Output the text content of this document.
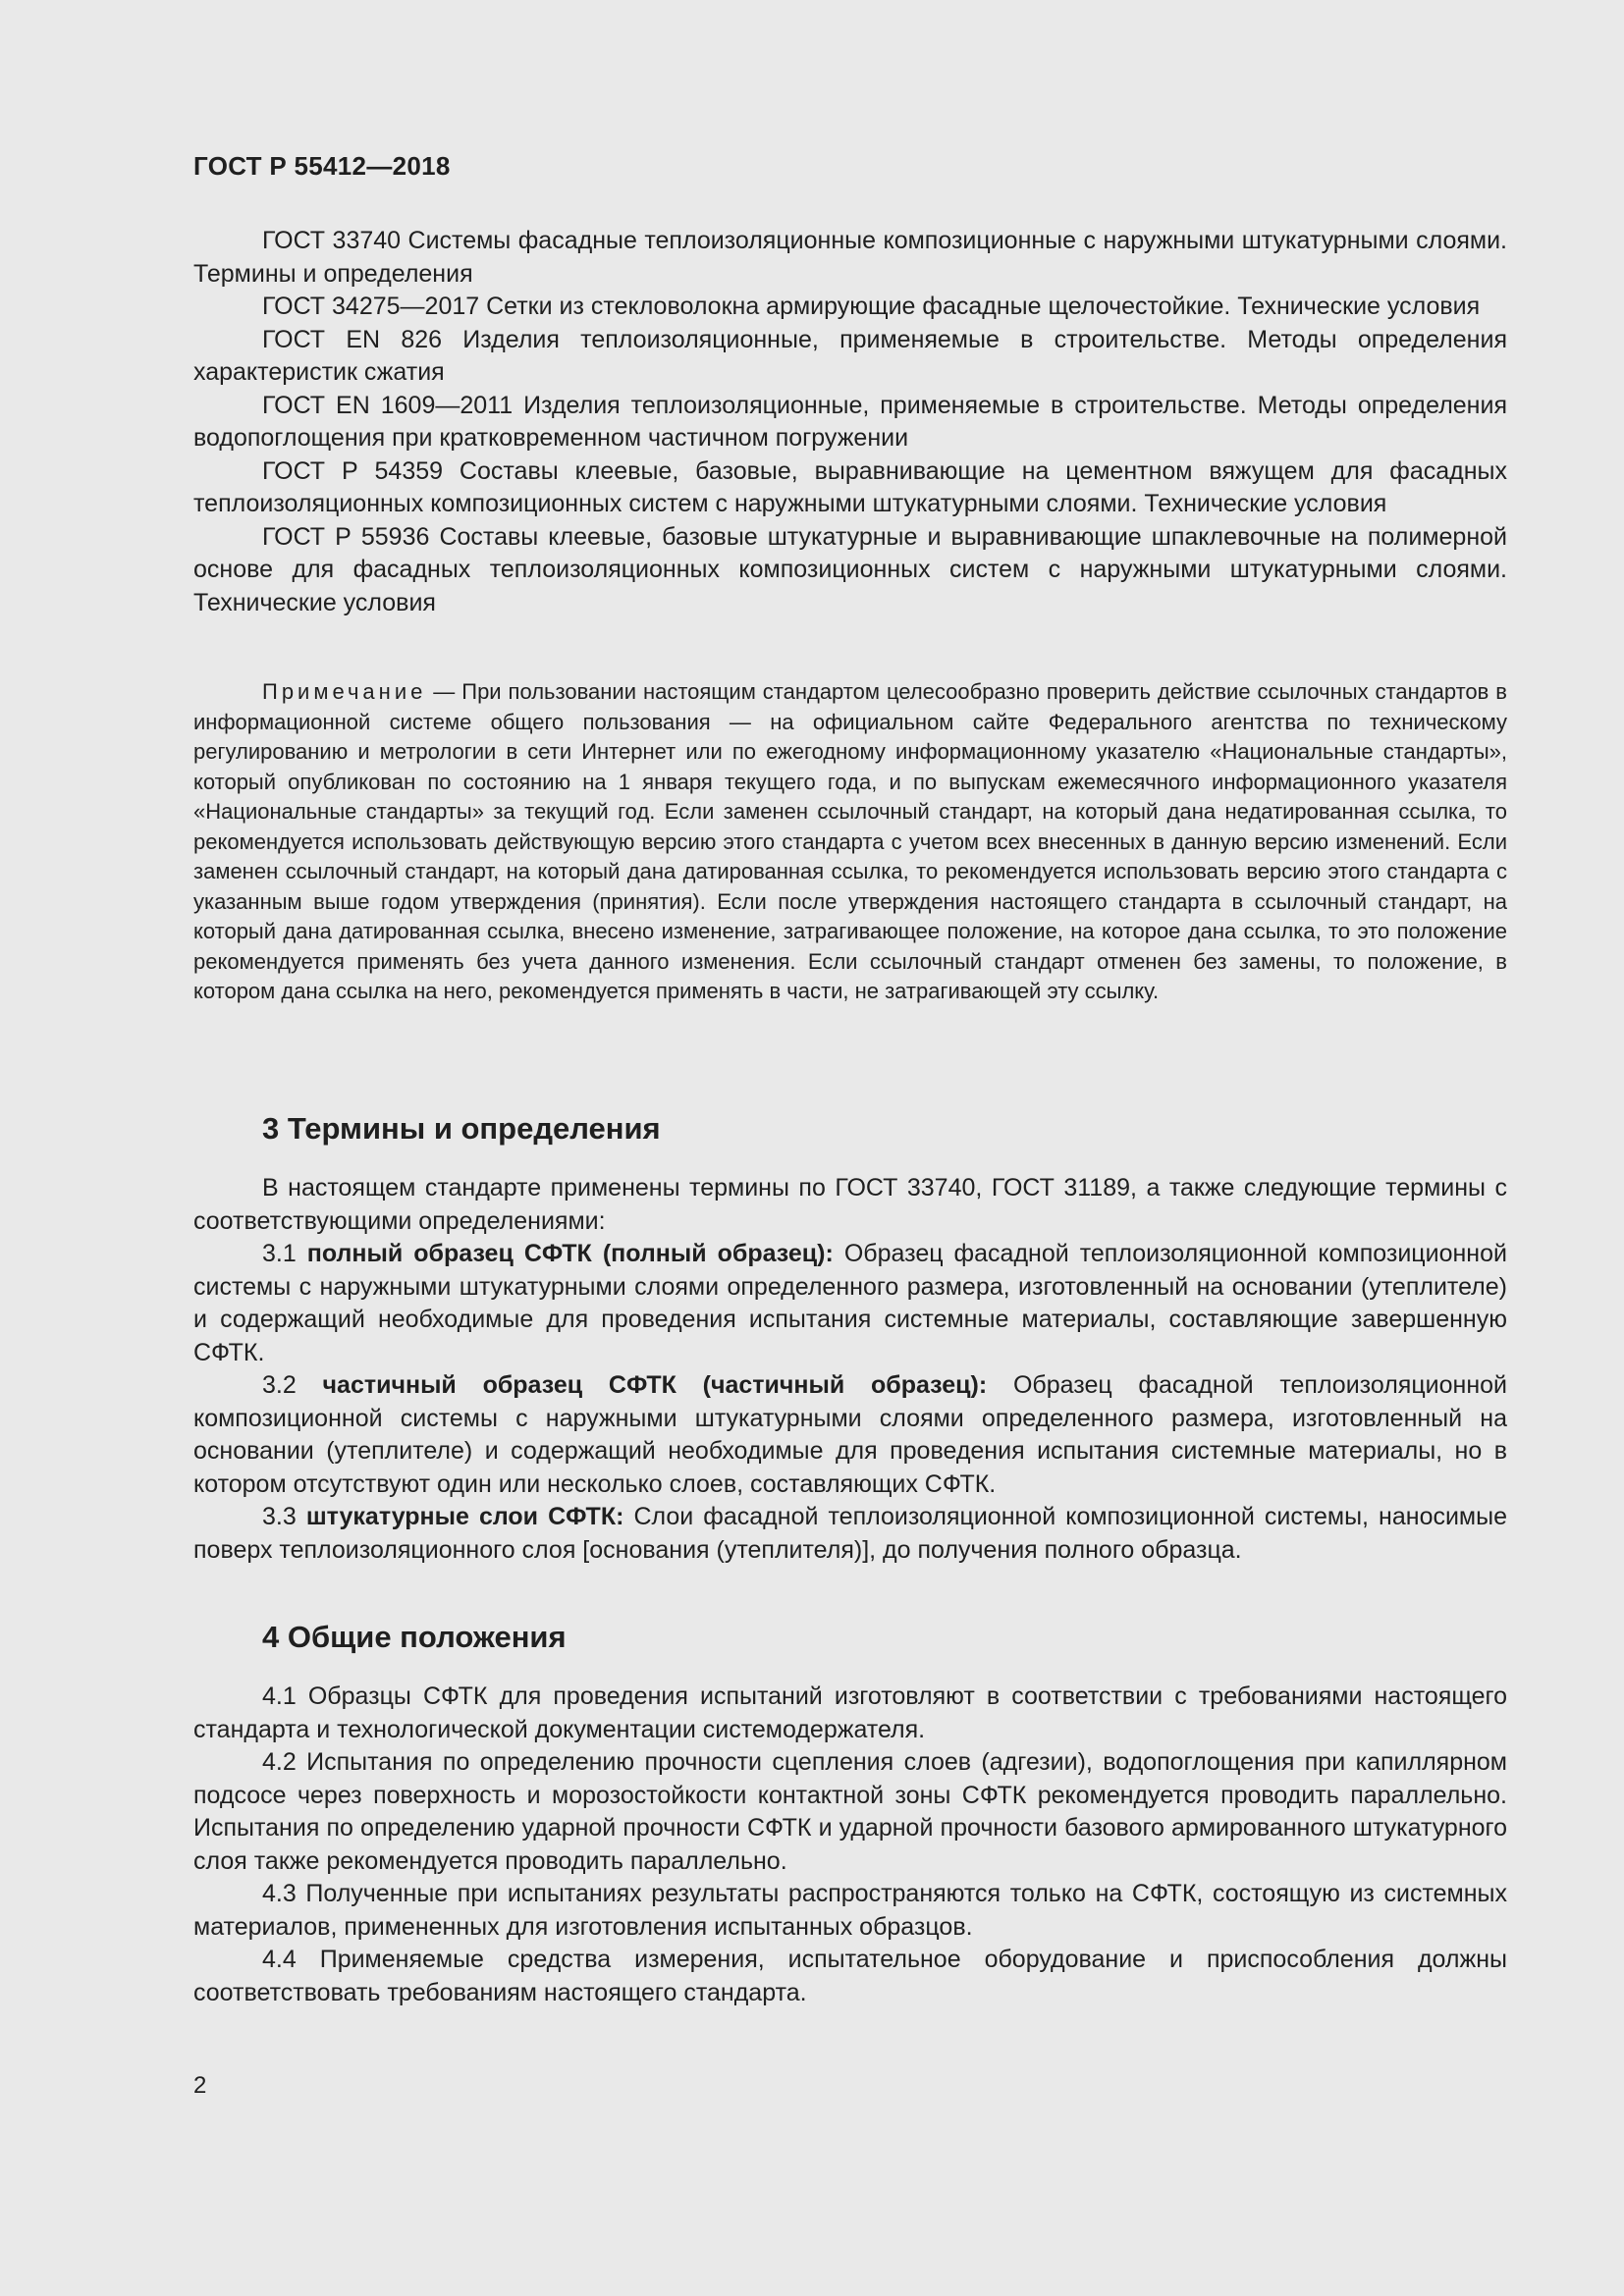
ГОСТ Р 55412—2018

ГОСТ 33740 Системы фасадные теплоизоляционные композиционные с наружными штукатурными слоями. Термины и определения

ГОСТ 34275—2017 Сетки из стекловолокна армирующие фасадные щелочестойкие. Технические условия

ГОСТ EN 826 Изделия теплоизоляционные, применяемые в строительстве. Методы определения характеристик сжатия

ГОСТ EN 1609—2011 Изделия теплоизоляционные, применяемые в строительстве. Методы определения водопоглощения при кратковременном частичном погружении

ГОСТ Р 54359 Составы клеевые, базовые, выравнивающие на цементном вяжущем для фасадных теплоизоляционных композиционных систем с наружными штукатурными слоями. Технические условия

ГОСТ Р 55936 Составы клеевые, базовые штукатурные и выравнивающие шпаклевочные на полимерной основе для фасадных теплоизоляционных композиционных систем с наружными штукатурными слоями. Технические условия

Примечание — При пользовании настоящим стандартом целесообразно проверить действие ссылочных стандартов в информационной системе общего пользования — на официальном сайте Федерального агентства по техническому регулированию и метрологии в сети Интернет или по ежегодному информационному указателю «Национальные стандарты», который опубликован по состоянию на 1 января текущего года, и по выпускам ежемесячного информационного указателя «Национальные стандарты» за текущий год. Если заменен ссылочный стандарт, на который дана недатированная ссылка, то рекомендуется использовать действующую версию этого стандарта с учетом всех внесенных в данную версию изменений. Если заменен ссылочный стандарт, на который дана датированная ссылка, то рекомендуется использовать версию этого стандарта с указанным выше годом утверждения (принятия). Если после утверждения настоящего стандарта в ссылочный стандарт, на который дана датированная ссылка, внесено изменение, затрагивающее положение, на которое дана ссылка, то это положение рекомендуется применять без учета данного изменения. Если ссылочный стандарт отменен без замены, то положение, в котором дана ссылка на него, рекомендуется применять в части, не затрагивающей эту ссылку.

3 Термины и определения

В настоящем стандарте применены термины по ГОСТ 33740, ГОСТ 31189, а также следующие термины с соответствующими определениями:

3.1 полный образец СФТК (полный образец): Образец фасадной теплоизоляционной композиционной системы с наружными штукатурными слоями определенного размера, изготовленный на основании (утеплителе) и содержащий необходимые для проведения испытания системные материалы, составляющие завершенную СФТК.

3.2 частичный образец СФТК (частичный образец): Образец фасадной теплоизоляционной композиционной системы с наружными штукатурными слоями определенного размера, изготовленный на основании (утеплителе) и содержащий необходимые для проведения испытания системные материалы, но в котором отсутствуют один или несколько слоев, составляющих СФТК.

3.3 штукатурные слои СФТК: Слои фасадной теплоизоляционной композиционной системы, наносимые поверх теплоизоляционного слоя [основания (утеплителя)], до получения полного образца.

4 Общие положения

4.1 Образцы СФТК для проведения испытаний изготовляют в соответствии с требованиями настоящего стандарта и технологической документации системодержателя.

4.2 Испытания по определению прочности сцепления слоев (адгезии), водопоглощения при капиллярном подсосе через поверхность и морозостойкости контактной зоны СФТК рекомендуется проводить параллельно. Испытания по определению ударной прочности СФТК и ударной прочности базового армированного штукатурного слоя также рекомендуется проводить параллельно.

4.3 Полученные при испытаниях результаты распространяются только на СФТК, состоящую из системных материалов, примененных для изготовления испытанных образцов.

4.4 Применяемые средства измерения, испытательное оборудование и приспособления должны соответствовать требованиям настоящего стандарта.

2
